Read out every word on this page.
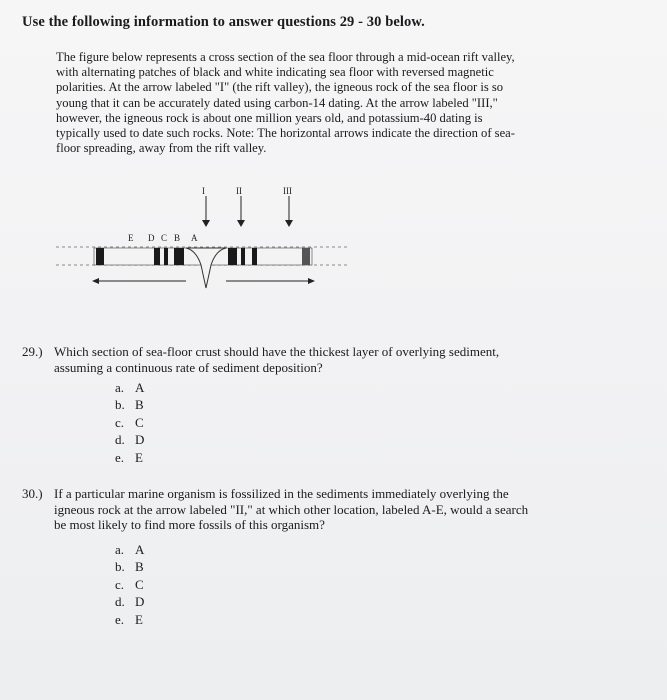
Use the following information to answer questions 29 - 30 below.

The figure below represents a cross section of the sea floor through a mid-ocean rift valley,

with alternating patches of black and white indicating sea floor with reversed magnetic

polarities. At the arrow labeled "I" (the rift valley), the igneous rock of the sea floor is so

young that it can be accurately dated using carbon-14 dating. At the arrow labeled "III,"

however, the igneous rock is about one million years old, and potassium-40 dating is

typically used to date such rocks. Note: The horizontal arrows indicate the direction of sea-

floor spreading, away from the rift valley.

I	II	III
E D C B A
29.) Which section of sea-floor crust should have the thickest layer of overlying sediment,
assuming a continuous rate of sediment deposition?
a. A
b. B
c. C
d. D
e. E
30.) If a particular marine organism is fossilized in the sediments immediately overlying the
igneous rock at the arrow labeled "II," at which other location, labeled A-E, would a search
be most likely to find more fossils of this organism?
a. A
b. B
c. C
d. D
e. E
